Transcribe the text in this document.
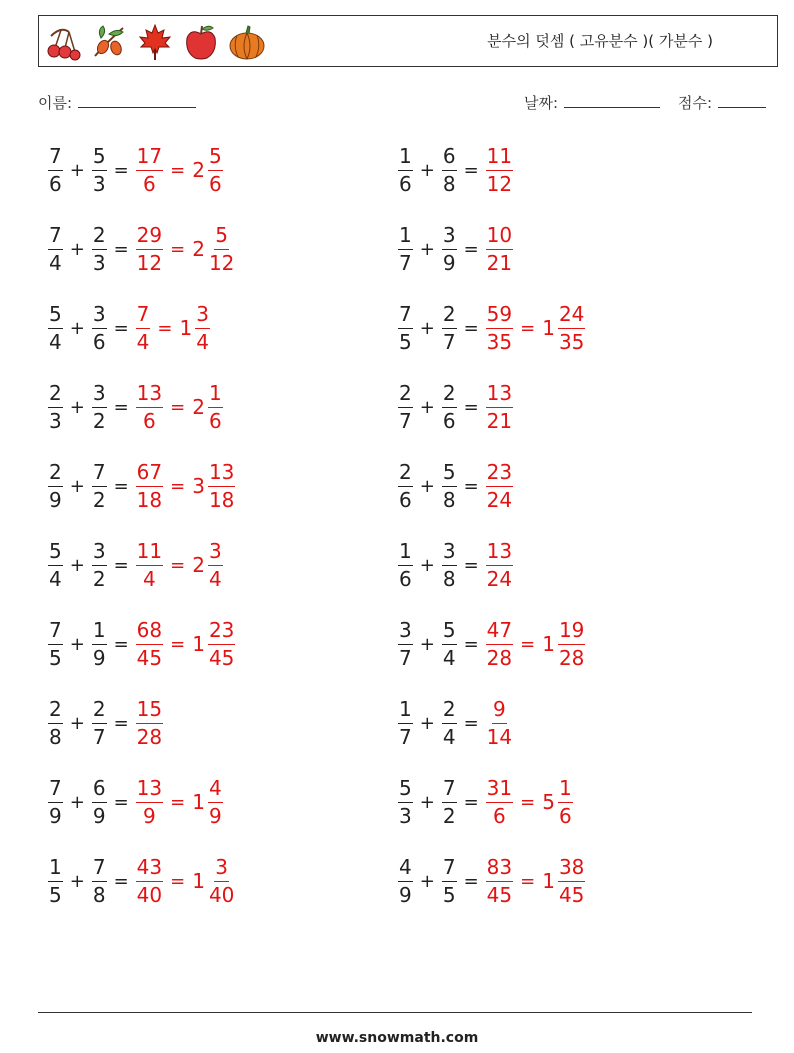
분수의 덧셈 ( 고유분수 )( 가분수 )
이름:	날짜:	점수:
$\frac{7}{6} + \frac{5}{3} = \frac{17}{6} = 2 \frac{5}{6}$
$\frac{7}{4} + \frac{2}{3} = \frac{29}{12} = 2 \frac{5}{12}$
$\frac{5}{4} + \frac{3}{6} = \frac{7}{4} = 1 \frac{3}{4}$
$\frac{2}{3} + \frac{3}{2} = \frac{13}{6} = 2 \frac{1}{6}$
$\frac{2}{9} + \frac{7}{2} = \frac{67}{18} = 3 \frac{13}{18}$
$\frac{5}{4} + \frac{3}{2} = \frac{11}{4} = 2 \frac{3}{4}$
$\frac{7}{5} + \frac{1}{9} = \frac{68}{45} = 1 \frac{23}{45}$
$\frac{2}{8} + \frac{2}{7} = \frac{15}{28}$
$\frac{7}{9} + \frac{6}{9} = \frac{13}{9} = 1 \frac{4}{9}$
$\frac{1}{5} + \frac{7}{8} = \frac{43}{40} = 1 \frac{3}{40}$
$\frac{1}{6} + \frac{6}{8} = \frac{11}{12}$
$\frac{1}{7} + \frac{3}{9} = \frac{10}{21}$
$\frac{7}{5} + \frac{2}{7} = \frac{59}{35} = 1 \frac{24}{35}$
$\frac{2}{7} + \frac{2}{6} = \frac{13}{21}$
$\frac{2}{6} + \frac{5}{8} = \frac{23}{24}$
$\frac{1}{6} + \frac{3}{8} = \frac{13}{24}$
$\frac{3}{7} + \frac{5}{4} = \frac{47}{28} = 1 \frac{19}{28}$
$\frac{1}{7} + \frac{2}{4} = \frac{9}{14}$
$\frac{5}{3} + \frac{7}{2} = \frac{31}{6} = 5 \frac{1}{6}$
$\frac{4}{9} + \frac{7}{5} = \frac{83}{45} = 1 \frac{38}{45}$
www.snowmath.com
